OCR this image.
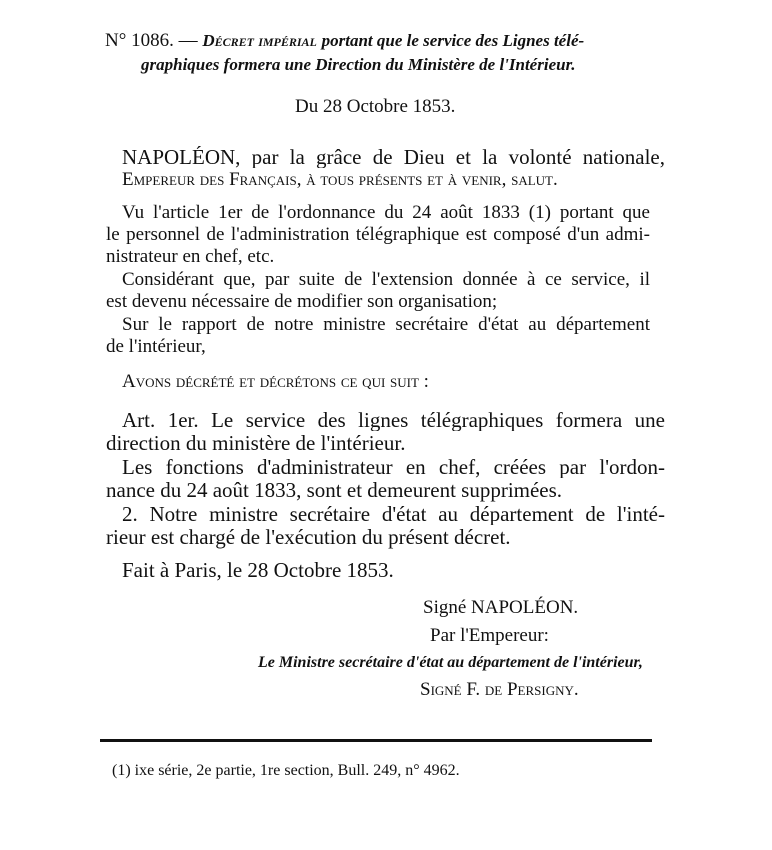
N° 1086. — Décret impérial portant que le service des Lignes télé-
graphiques formera une Direction du Ministère de l'Intérieur.
Du 28 Octobre 1853.
NAPOLÉON, par la grâce de Dieu et la volonté nationale,
Empereur des Français, à tous présents et à venir, salut.
Vu l'article 1er de l'ordonnance du 24 août 1833 (1) portant que
le personnel de l'administration télégraphique est composé d'un admi-
nistrateur en chef, etc.
Considérant que, par suite de l'extension donnée à ce service, il
est devenu nécessaire de modifier son organisation;
Sur le rapport de notre ministre secrétaire d'état au département
de l'intérieur,
Avons décrété et décrétons ce qui suit :
Art. 1er. Le service des lignes télégraphiques formera une
direction du ministère de l'intérieur.
Les fonctions d'administrateur en chef, créées par l'ordon-
nance du 24 août 1833, sont et demeurent supprimées.
2. Notre ministre secrétaire d'état au département de l'inté-
rieur est chargé de l'exécution du présent décret.
Fait à Paris, le 28 Octobre 1853.
Signé NAPOLÉON.
Par l'Empereur:
Le Ministre secrétaire d'état au département de l'intérieur,
Signé F. de Persigny.
(1) ixe série, 2e partie, 1re section, Bull. 249, n° 4962.
